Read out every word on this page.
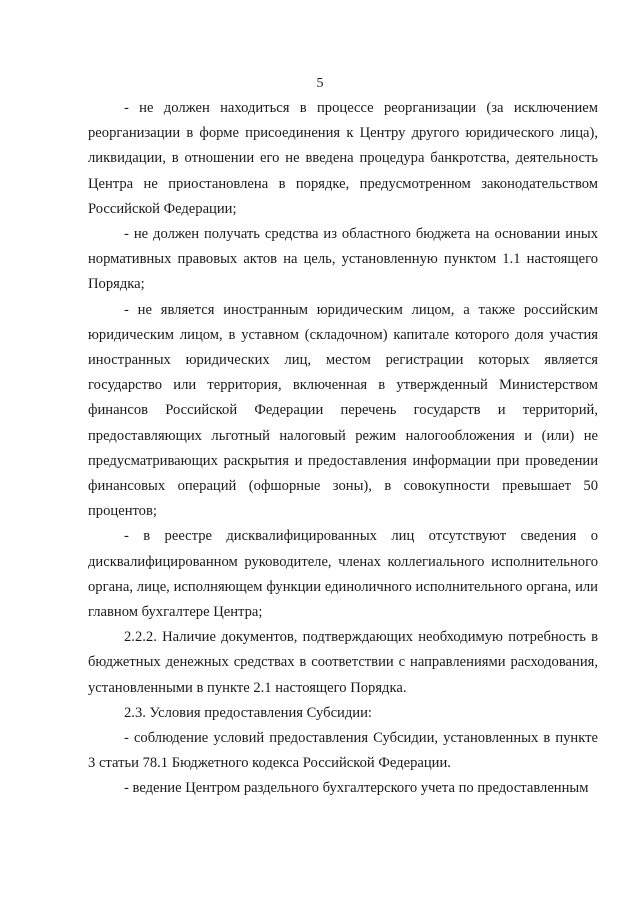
5

- не должен находиться в процессе реорганизации (за исключением реорганизации в форме присоединения к Центру другого юридического лица), ликвидации, в отношении его не введена процедура банкротства, деятельность Центра не приостановлена в порядке, предусмотренном законодательством Российской Федерации;

- не должен получать средства из областного бюджета на основании иных нормативных правовых актов на цель, установленную пунктом 1.1 настоящего Порядка;

- не является иностранным юридическим лицом, а также российским юридическим лицом, в уставном (складочном) капитале которого доля участия иностранных юридических лиц, местом регистрации которых является государство или территория, включенная в утвержденный Министерством финансов Российской Федерации перечень государств и территорий, предоставляющих льготный налоговый режим налогообложения и (или) не предусматривающих раскрытия и предоставления информации при проведении финансовых операций (офшорные зоны), в совокупности превышает 50 процентов;

- в реестре дисквалифицированных лиц отсутствуют сведения о дисквалифицированном руководителе, членах коллегиального исполнительного органа, лице, исполняющем функции единоличного исполнительного органа, или главном бухгалтере Центра;

2.2.2. Наличие документов, подтверждающих необходимую потребность в бюджетных денежных средствах в соответствии с направлениями расходования, установленными в пункте 2.1 настоящего Порядка.

2.3. Условия предоставления Субсидии:

- соблюдение условий предоставления Субсидии, установленных в пункте 3 статьи 78.1 Бюджетного кодекса Российской Федерации.

- ведение Центром раздельного бухгалтерского учета по предоставленным
